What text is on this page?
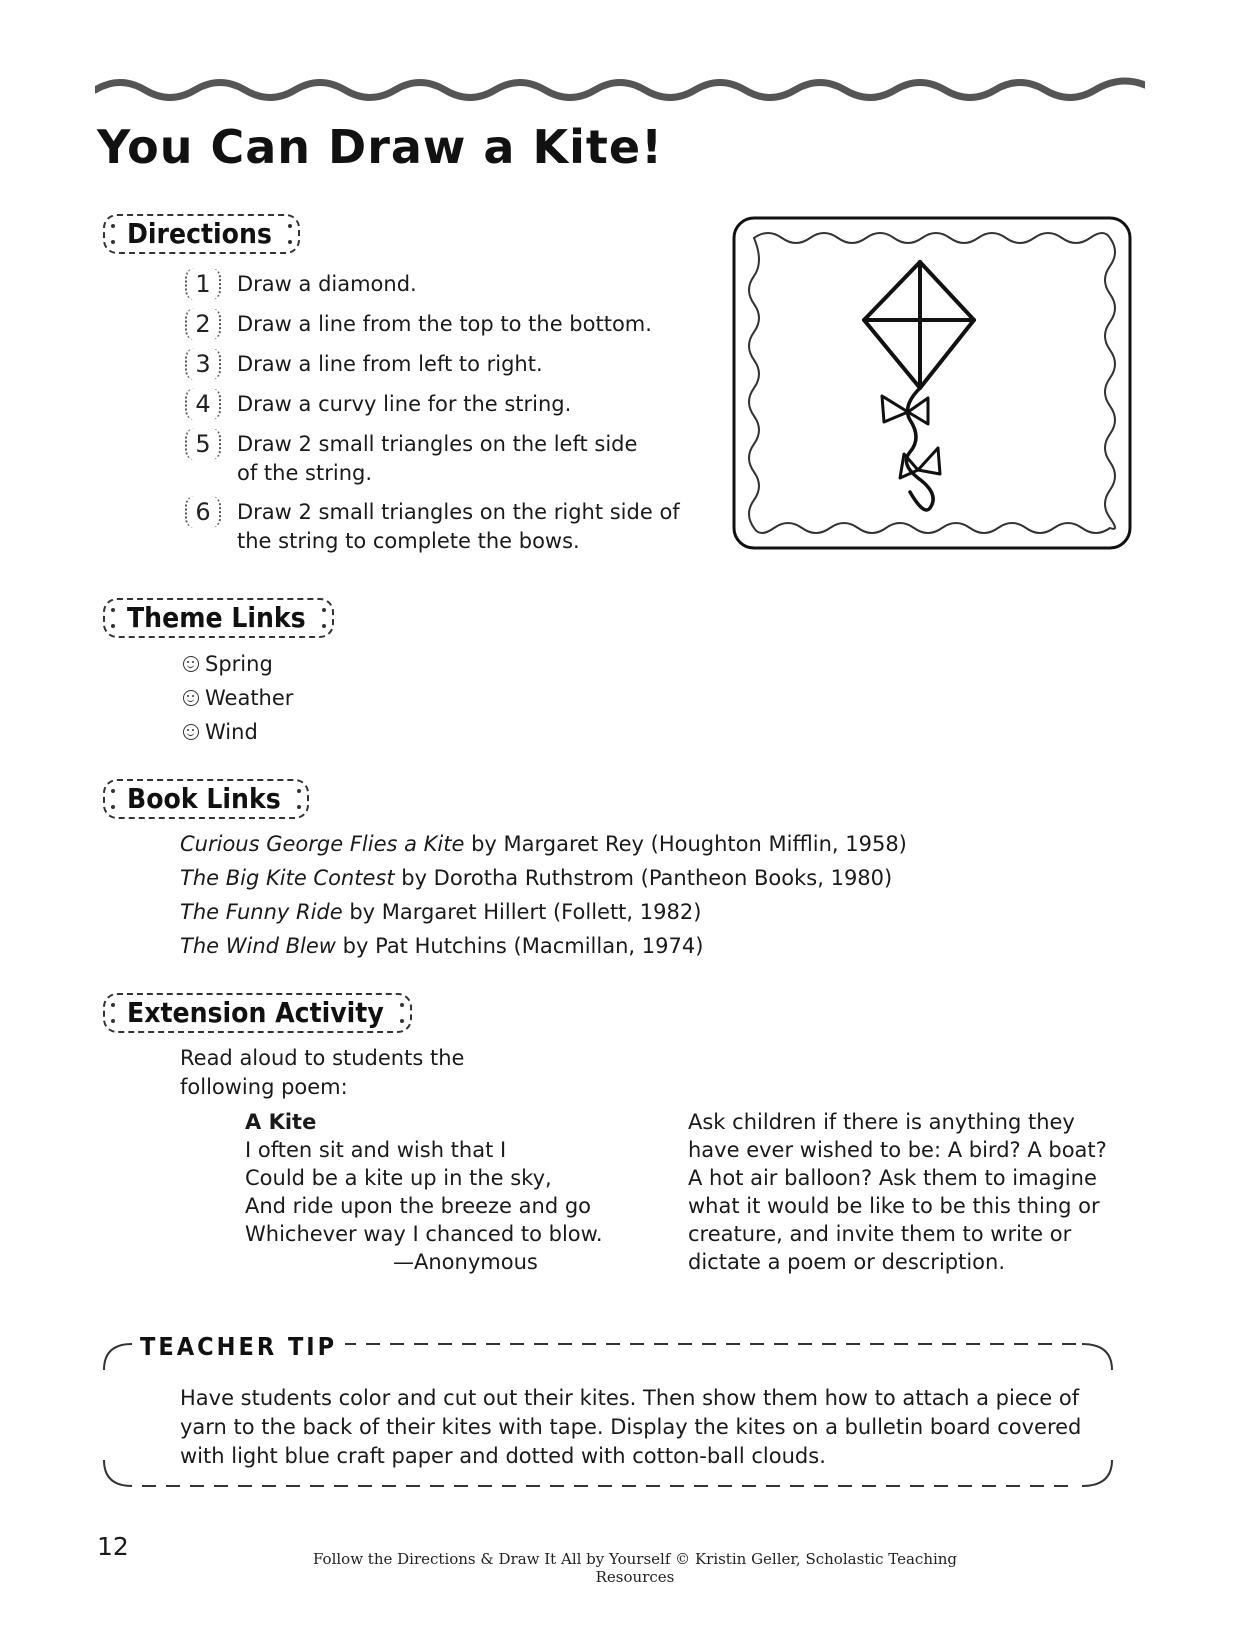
You Can Draw a Kite!
Directions
1	Draw a diamond.
2	Draw a line from the top to the bottom.
3	Draw a line from left to right.
4	Draw a curvy line for the string.
5	Draw 2 small triangles on the left side
of the string.
6	Draw 2 small triangles on the right side of
the string to complete the bows.
Theme Links
Spring
Weather
Wind
Book Links
Curious George Flies a Kite by Margaret Rey (Houghton Mifflin, 1958)
The Big Kite Contest by Dorotha Ruthstrom (Pantheon Books, 1980)
The Funny Ride by Margaret Hillert (Follett, 1982)
The Wind Blew by Pat Hutchins (Macmillan, 1974)
Extension Activity
Read aloud to students the
following poem:
A Kite
I often sit and wish that I
Could be a kite up in the sky,
And ride upon the breeze and go
Whichever way I chanced to blow.
—Anonymous
Ask children if there is anything they
have ever wished to be: A bird? A boat?
A hot air balloon? Ask them to imagine
what it would be like to be this thing or
creature, and invite them to write or
dictate a poem or description.
TEACHER TIP
Have students color and cut out their kites. Then show them how to attach a piece of
yarn to the back of their kites with tape. Display the kites on a bulletin board covered
with light blue craft paper and dotted with cotton-ball clouds.
12	Follow the Directions & Draw It All by Yourself © Kristin Geller, Scholastic Teaching Resources
